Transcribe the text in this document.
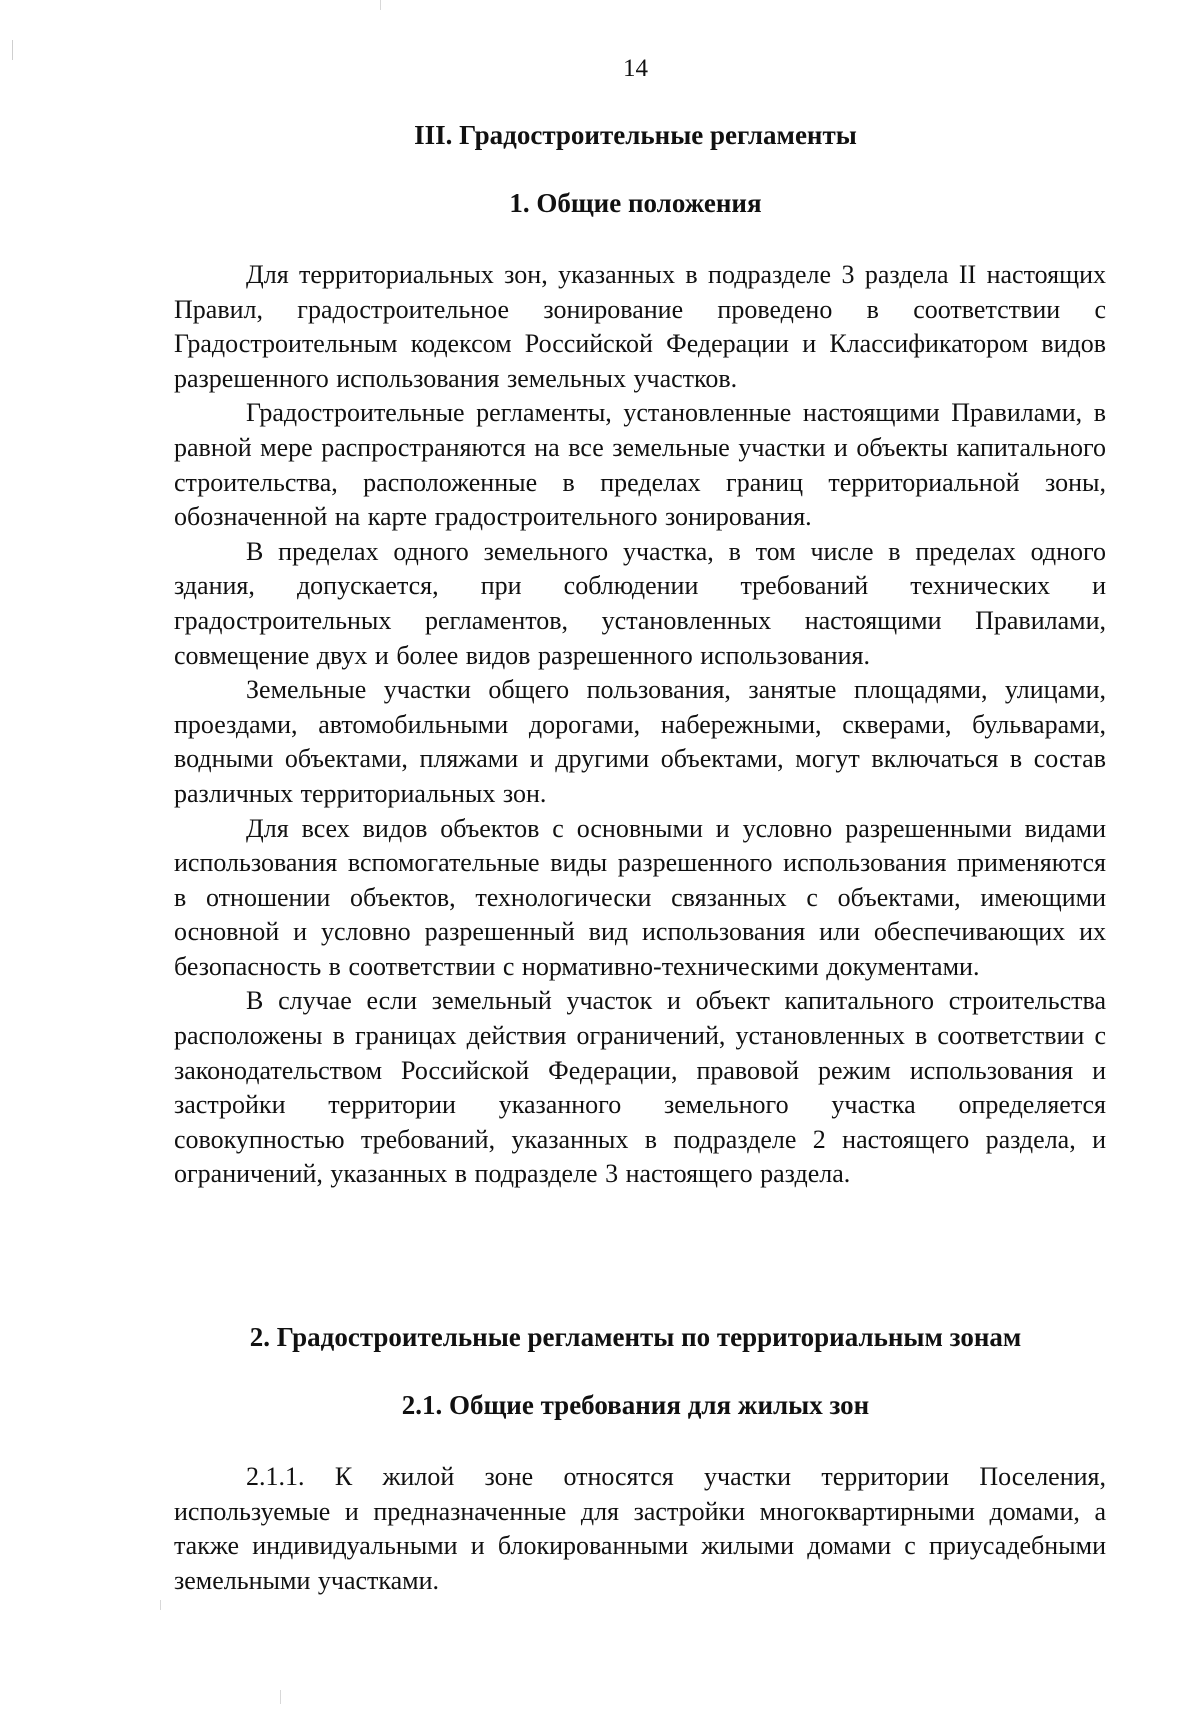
14
III. Градостроительные регламенты
1. Общие положения

Для территориальных зон, указанных в подразделе 3 раздела II настоящих Правил, градостроительное зонирование проведено в соответствии с Градостроительным кодексом Российской Федерации и Классификатором видов разрешенного использования земельных участков.

Градостроительные регламенты, установленные настоящими Правилами, в равной мере распространяются на все земельные участки и объекты капитального строительства, расположенные в пределах границ территориальной зоны, обозначенной на карте градостроительного зонирования.

В пределах одного земельного участка, в том числе в пределах одного здания, допускается, при соблюдении требований технических и градостроительных регламентов, установленных настоящими Правилами, совмещение двух и более видов разрешенного использования.

Земельные участки общего пользования, занятые площадями, улицами, проездами, автомобильными дорогами, набережными, скверами, бульварами, водными объектами, пляжами и другими объектами, могут включаться в состав различных территориальных зон.

Для всех видов объектов с основными и условно разрешенными видами использования вспомогательные виды разрешенного использования применяются в отношении объектов, технологически связанных с объектами, имеющими основной и условно разрешенный вид использования или обеспечивающих их безопасность в соответствии с нормативно-техническими документами.

В случае если земельный участок и объект капитального строительства расположены в границах действия ограничений, установленных в соответствии с законодательством Российской Федерации, правовой режим использования и застройки территории указанного земельного участка определяется совокупностью требований, указанных в подразделе 2 настоящего раздела, и ограничений, указанных в подразделе 3 настоящего раздела.

2. Градостроительные регламенты по территориальным зонам
2.1. Общие требования для жилых зон

2.1.1. К жилой зоне относятся участки территории Поселения, используемые и предназначенные для застройки многоквартирными домами, а также индивидуальными и блокированными жилыми домами с приусадебными земельными участками.
